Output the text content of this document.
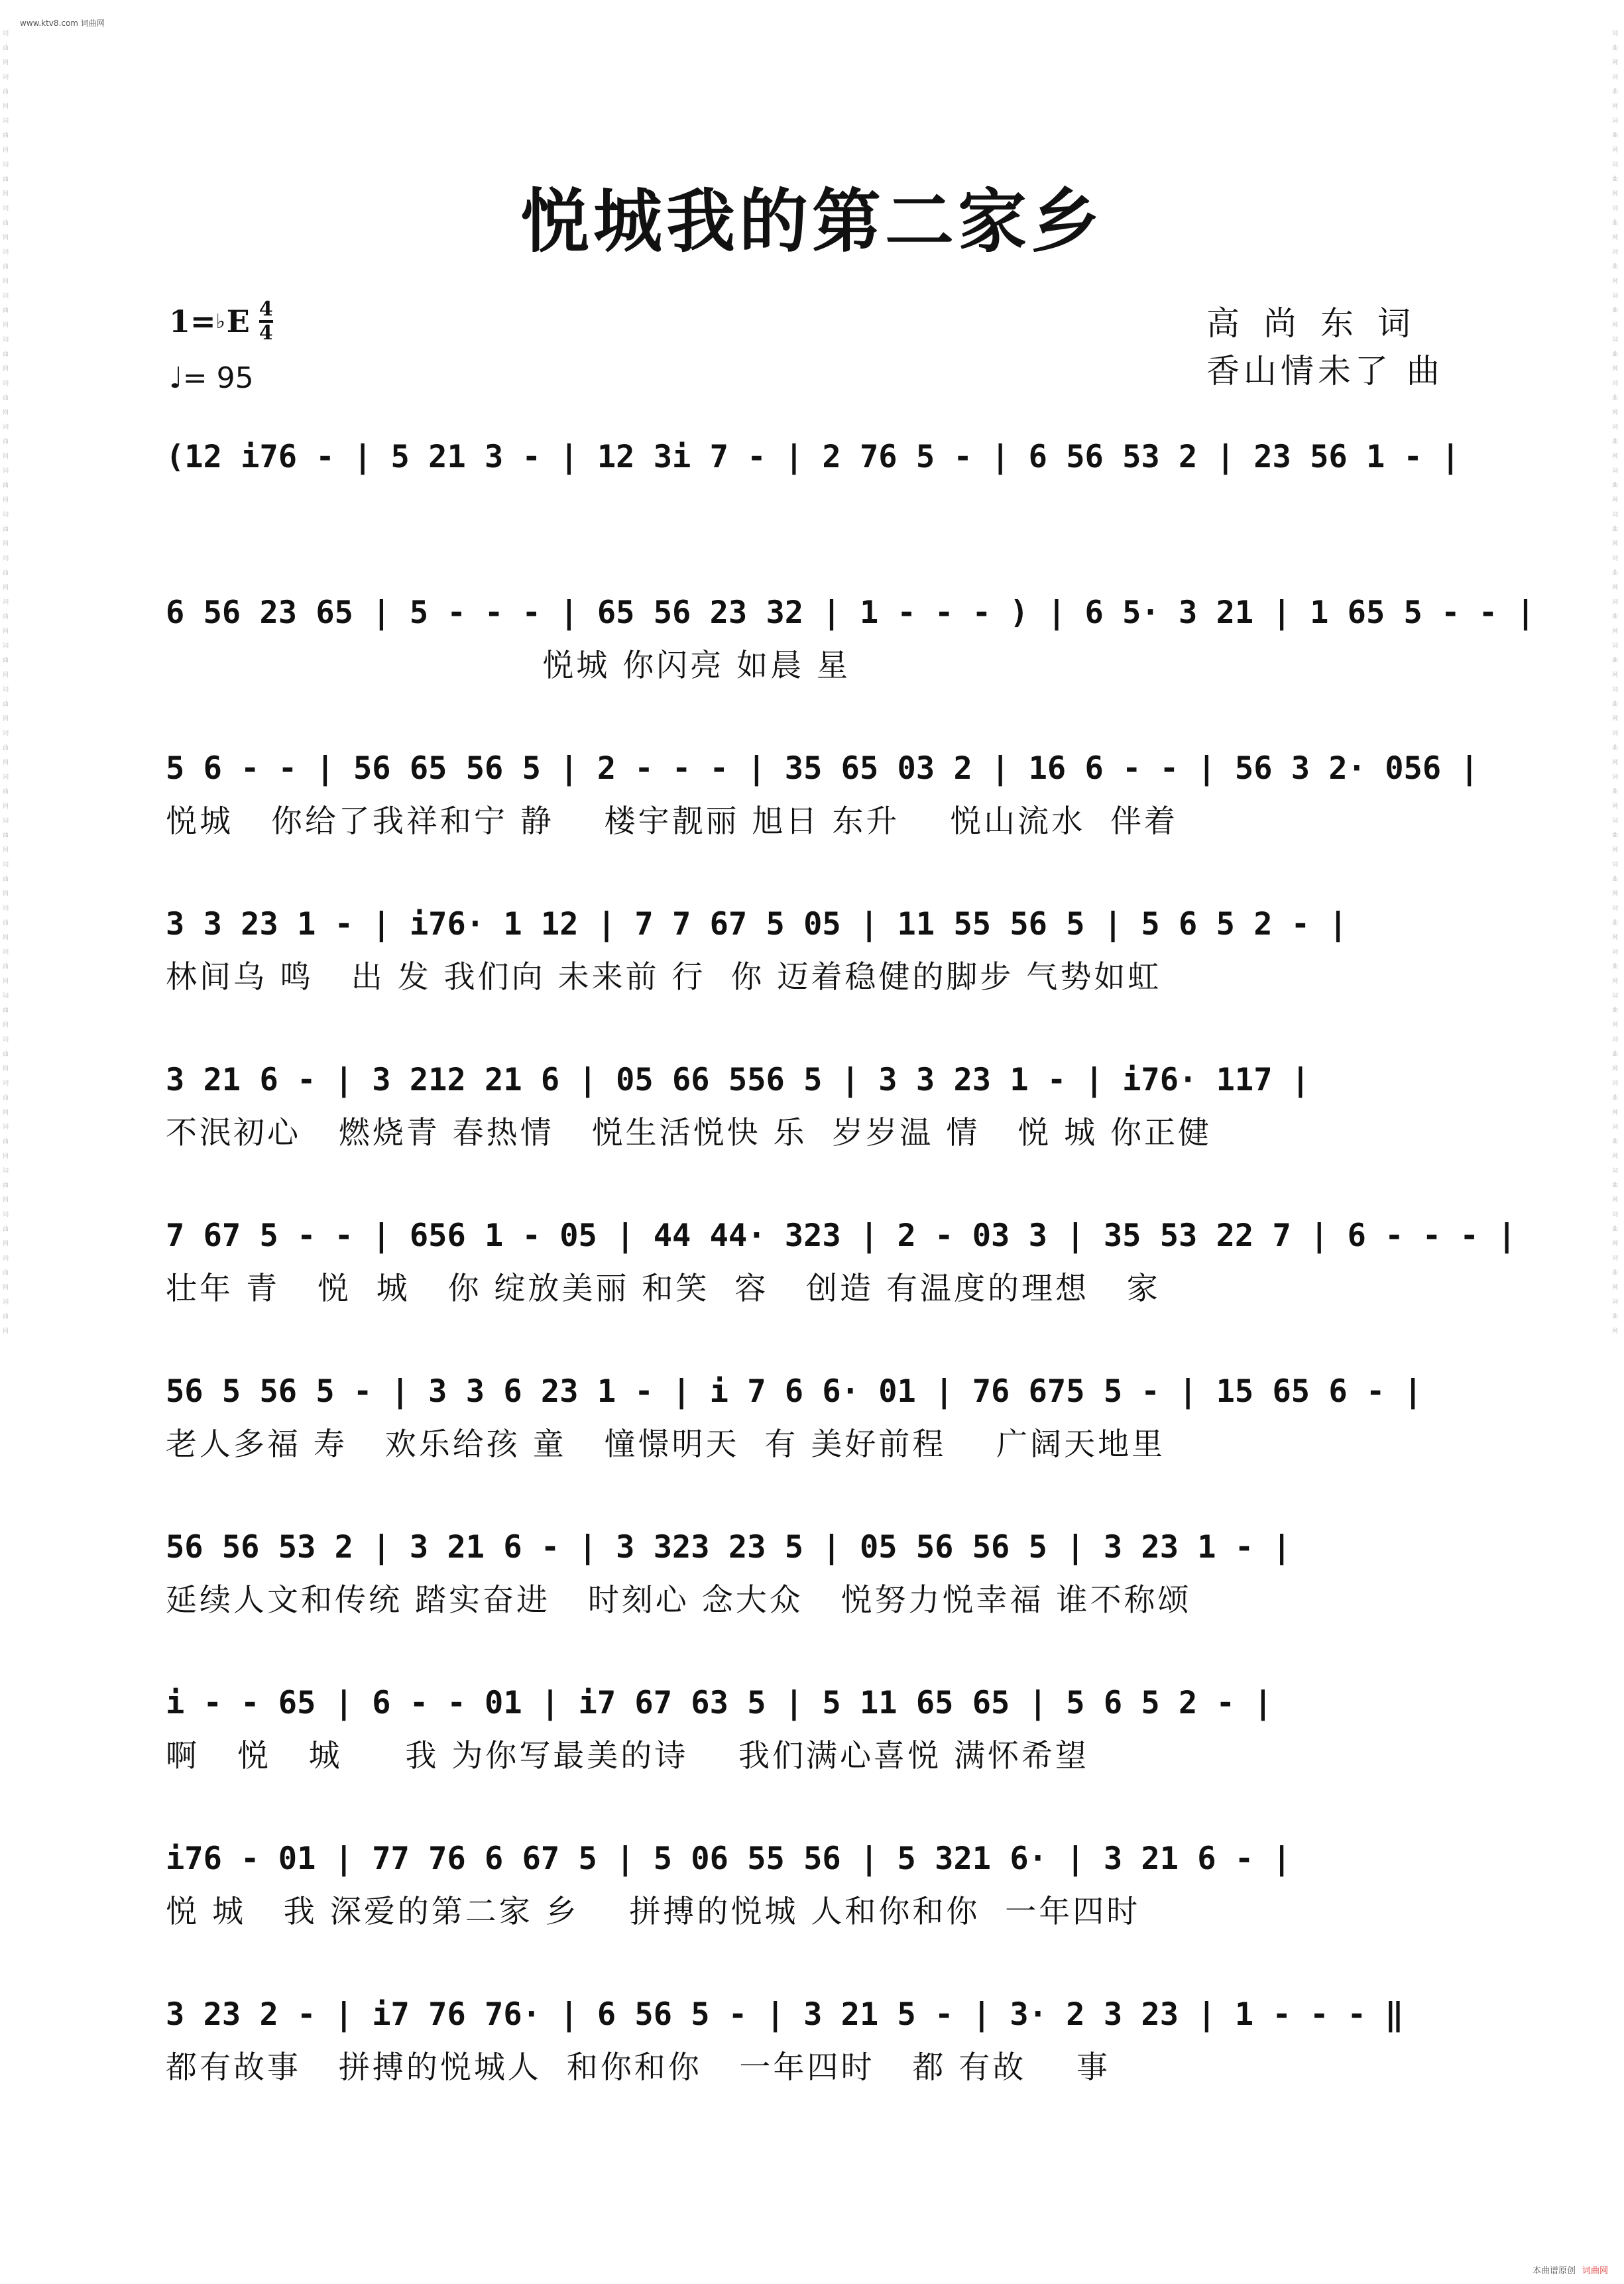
词曲网 词曲网 词曲网 词曲网 词曲网 词曲网 词曲网 词曲网 词曲网 词曲网 词曲网 词曲网 词曲网 词曲网 词曲网 词曲网 词曲网 词曲网 词曲网 词曲网 词曲网 词曲网 词曲网 词曲网 词曲网 词曲网 词曲网 词曲网 词曲网 词曲网
词曲网 词曲网 词曲网 词曲网 词曲网 词曲网 词曲网 词曲网 词曲网 词曲网 词曲网 词曲网 词曲网 词曲网 词曲网 词曲网 词曲网 词曲网 词曲网 词曲网 词曲网 词曲网 词曲网 词曲网 词曲网 词曲网 词曲网 词曲网 词曲网 词曲网
www.ktv8.com 词曲网
悦城我的第二家乡
1= ♭ E 4
4
♩= 95
高尚东词
香山情未了 曲
(12 i76 - | 5 21 3 - | 12 3i 7 - | 2 76 5 - | 6 56 53 2 | 23 56 1 - |
6 56 23 65 | 5 - - - | 65 56 23 32 | 1 - - - ) | 6 5· 3 21 | 1 65 5 - - |
悦城 你闪亮 如晨 星
5 6 - - | 56 65 56 5 | 2 - - - | 35 65 03 2 | 16 6 - - | 56 3 2· 056 |
悦城   你给了我祥和宁 静    楼宇靓丽 旭日 东升    悦山流水  伴着
3 3 23 1 - | i76· 1 12 | 7 7 67 5 05 | 11 55 56 5 | 5 6 5 2 - |
林间乌 鸣   出 发 我们向 未来前 行  你 迈着稳健的脚步 气势如虹
3 21 6 - | 3 212 21 6 | 05 66 556 5 | 3 3 23 1 - | i76· 117 |
不泯初心   燃烧青 春热情   悦生活悦快 乐  岁岁温 情   悦 城 你正健
7 67 5 - - | 656 1 - 05 | 44 44· 323 | 2 - 03 3 | 35 53 22 7 | 6 - - - |
壮年 青   悦  城   你 绽放美丽 和笑  容   创造 有温度的理想   家
56 5 56 5 - | 3 3 6 23 1 - | i 7 6 6· 01 | 76 675 5 - | 15 65 6 - |
老人多福 寿   欢乐给孩 童   憧憬明天  有 美好前程    广阔天地里
56 56 53 2 | 3 21 6 - | 3 323 23 5 | 05 56 56 5 | 3 23 1 - |
延续人文和传统 踏实奋进   时刻心 念大众   悦努力悦幸福 谁不称颂
i - - 65 | 6 - - 01 | i7 67 63 5 | 5 11 65 65 | 5 6 5 2 - |
啊   悦   城     我 为你写最美的诗    我们满心喜悦 满怀希望
i76 - 01 | 77 76 6 67 5 | 5 06 55 56 | 5 321 6· | 3 21 6 - |
悦 城   我 深爱的第二家 乡    拼搏的悦城 人和你和你  一年四时
3 23 2 - | i7 76 76· | 6 56 5 - | 3 21 5 - | 3· 2 3 23 | 1 - - - ‖
都有故事   拼搏的悦城人  和你和你   一年四时   都 有故    事
本曲谱原创 词曲网
